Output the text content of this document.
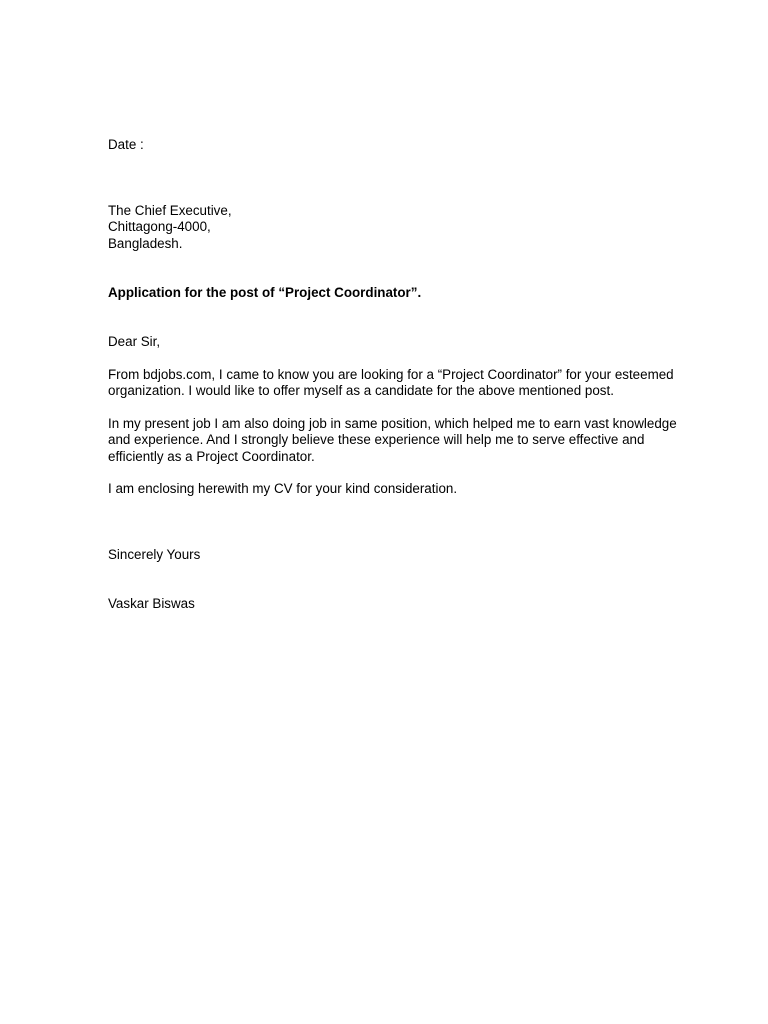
Date :

The Chief Executive,
Chittagong-4000,
Bangladesh.

Application for the post of “Project Coordinator”.

Dear Sir,

From bdjobs.com, I came to know you are looking for a “Project Coordinator” for your esteemed
organization. I would like to offer myself as a candidate for the above mentioned post.
In my present job I am also doing job in same position, which helped me to earn vast knowledge
and experience. And I strongly believe these experience will help me to serve effective and
efficiently as a Project Coordinator.

I am enclosing herewith my CV for your kind consideration.

Sincerely Yours

Vaskar Biswas
